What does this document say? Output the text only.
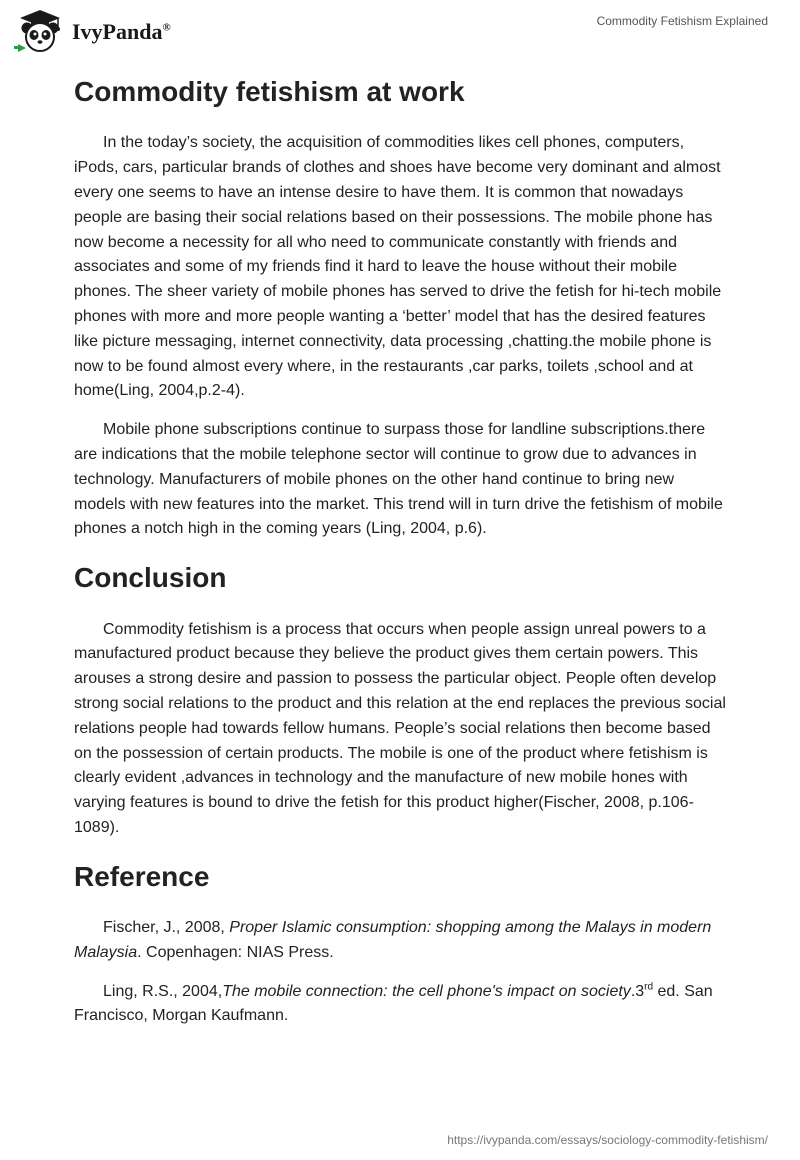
IvyPanda®	Commodity Fetishism Explained
Commodity fetishism at work

In the today’s society, the acquisition of commodities likes cell phones, computers, iPods, cars, particular brands of clothes and shoes have become very dominant and almost every one seems to have an intense desire to have them. It is common that nowadays people are basing their social relations based on their possessions. The mobile phone has now become a necessity for all who need to communicate constantly with friends and associates and some of my friends find it hard to leave the house without their mobile phones. The sheer variety of mobile phones has served to drive the fetish for hi-tech mobile phones with more and more people wanting a ‘better’ model that has the desired features like picture messaging, internet connectivity, data processing ,chatting.the mobile phone is now to be found almost every where, in the restaurants ,car parks, toilets ,school and at home(Ling, 2004,p.2-4).

Mobile phone subscriptions continue to surpass those for landline subscriptions.there are indications that the mobile telephone sector will continue to grow due to advances in technology. Manufacturers of mobile phones on the other hand continue to bring new models with new features into the market. This trend will in turn drive the fetishism of mobile phones a notch high in the coming years (Ling, 2004, p.6).

Conclusion

Commodity fetishism is a process that occurs when people assign unreal powers to a manufactured product because they believe the product gives them certain powers. This arouses a strong desire and passion to possess the particular object. People often develop strong social relations to the product and this relation at the end replaces the previous social relations people had towards fellow humans. People’s social relations then become based on the possession of certain products. The mobile is one of the product where fetishism is clearly evident ,advances in technology and the manufacture of new mobile hones with varying features is bound to drive the fetish for this product higher(Fischer, 2008, p.106-1089).

Reference

Fischer, J., 2008, Proper Islamic consumption: shopping among the Malays in modern Malaysia. Copenhagen: NIAS Press.

Ling, R.S., 2004,The mobile connection: the cell phone's impact on society.3rd ed. San Francisco, Morgan Kaufmann.

https://ivypanda.com/essays/sociology-commodity-fetishism/
